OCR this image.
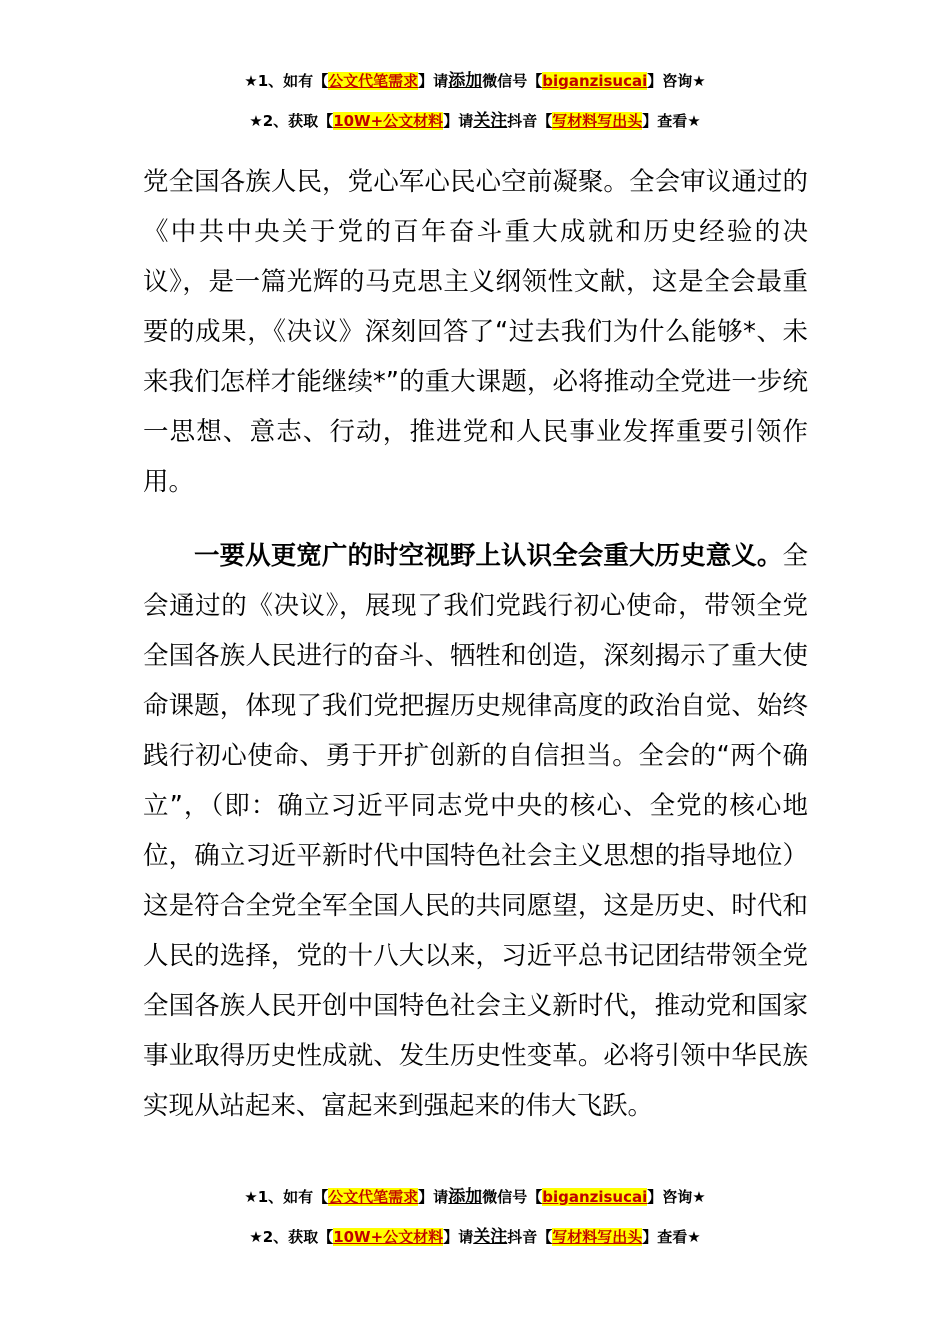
★1、如有【公文代笔需求】请添加微信号【biganzisucai】咨询★
★2、获取【10W+公文材料】请关注抖音【写材料写出头】查看★

党全国各族人民，党心军心民心空前凝聚。全会审议通过的《中共中央关于党的百年奋斗重大成就和历史经验的决议》，是一篇光辉的马克思主义纲领性文献，这是全会最重要的成果，《决议》深刻回答了“过去我们为什么能够*、未来我们怎样才能继续*”的重大课题，必将推动全党进一步统一思想、意志、行动，推进党和人民事业发挥重要引领作用。

一要从更宽广的时空视野上认识全会重大历史意义。全会通过的《决议》，展现了我们党践行初心使命，带领全党全国各族人民进行的奋斗、牺牲和创造，深刻揭示了重大使命课题，体现了我们党把握历史规律高度的政治自觉、始终践行初心使命、勇于开扩创新的自信担当。全会的“两个确立”，（即：确立习近平同志党中央的核心、全党的核心地位，确立习近平新时代中国特色社会主义思想的指导地位）这是符合全党全军全国人民的共同愿望，这是历史、时代和人民的选择，党的十八大以来，习近平总书记团结带领全党全国各族人民开创中国特色社会主义新时代，推动党和国家事业取得历史性成就、发生历史性变革。必将引领中华民族实现从站起来、富起来到强起来的伟大飞跃。

★1、如有【公文代笔需求】请添加微信号【biganzisucai】咨询★
★2、获取【10W+公文材料】请关注抖音【写材料写出头】查看★
